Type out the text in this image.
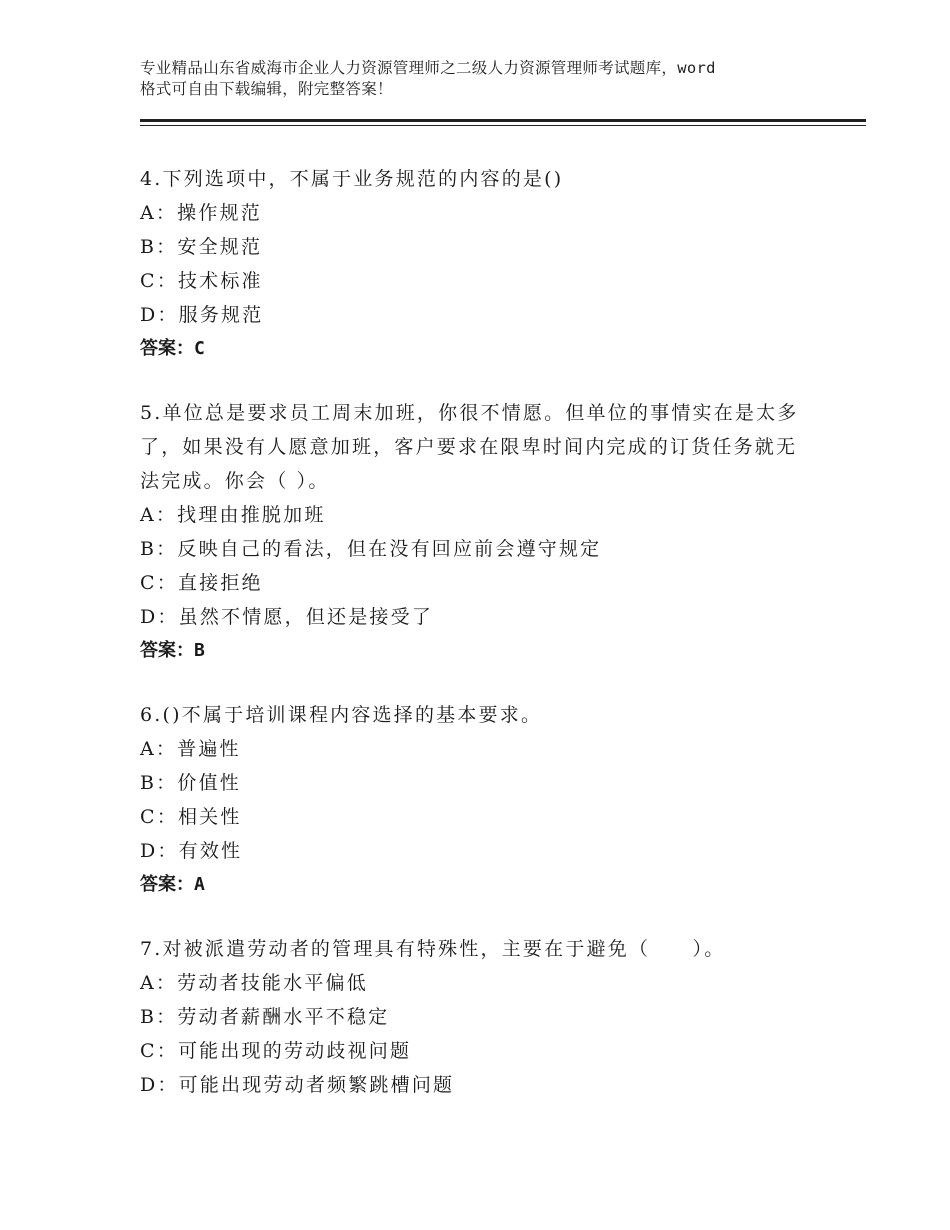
专业精品山东省威海市企业人力资源管理师之二级人力资源管理师考试题库，word
格式可自由下载编辑，附完整答案！

4.下列选项中，不属于业务规范的内容的是()

A：操作规范

B：安全规范

C：技术标准

D：服务规范

答案：C

5.单位总是要求员工周末加班，你很不情愿。但单位的事情实在是太多了，如果没有人愿意加班，客户要求在限卑时间内完成的订货任务就无法完成。你会（ ）。

A：找理由推脱加班

B：反映自己的看法，但在没有回应前会遵守规定

C：直接拒绝

D：虽然不情愿，但还是接受了

答案：B

6.()不属于培训课程内容选择的基本要求。

A：普遍性

B：价值性

C：相关性

D：有效性

答案：A

7.对被派遣劳动者的管理具有特殊性，主要在于避免（　　）。

A：劳动者技能水平偏低

B：劳动者薪酬水平不稳定

C：可能出现的劳动歧视问题

D：可能出现劳动者频繁跳槽问题
